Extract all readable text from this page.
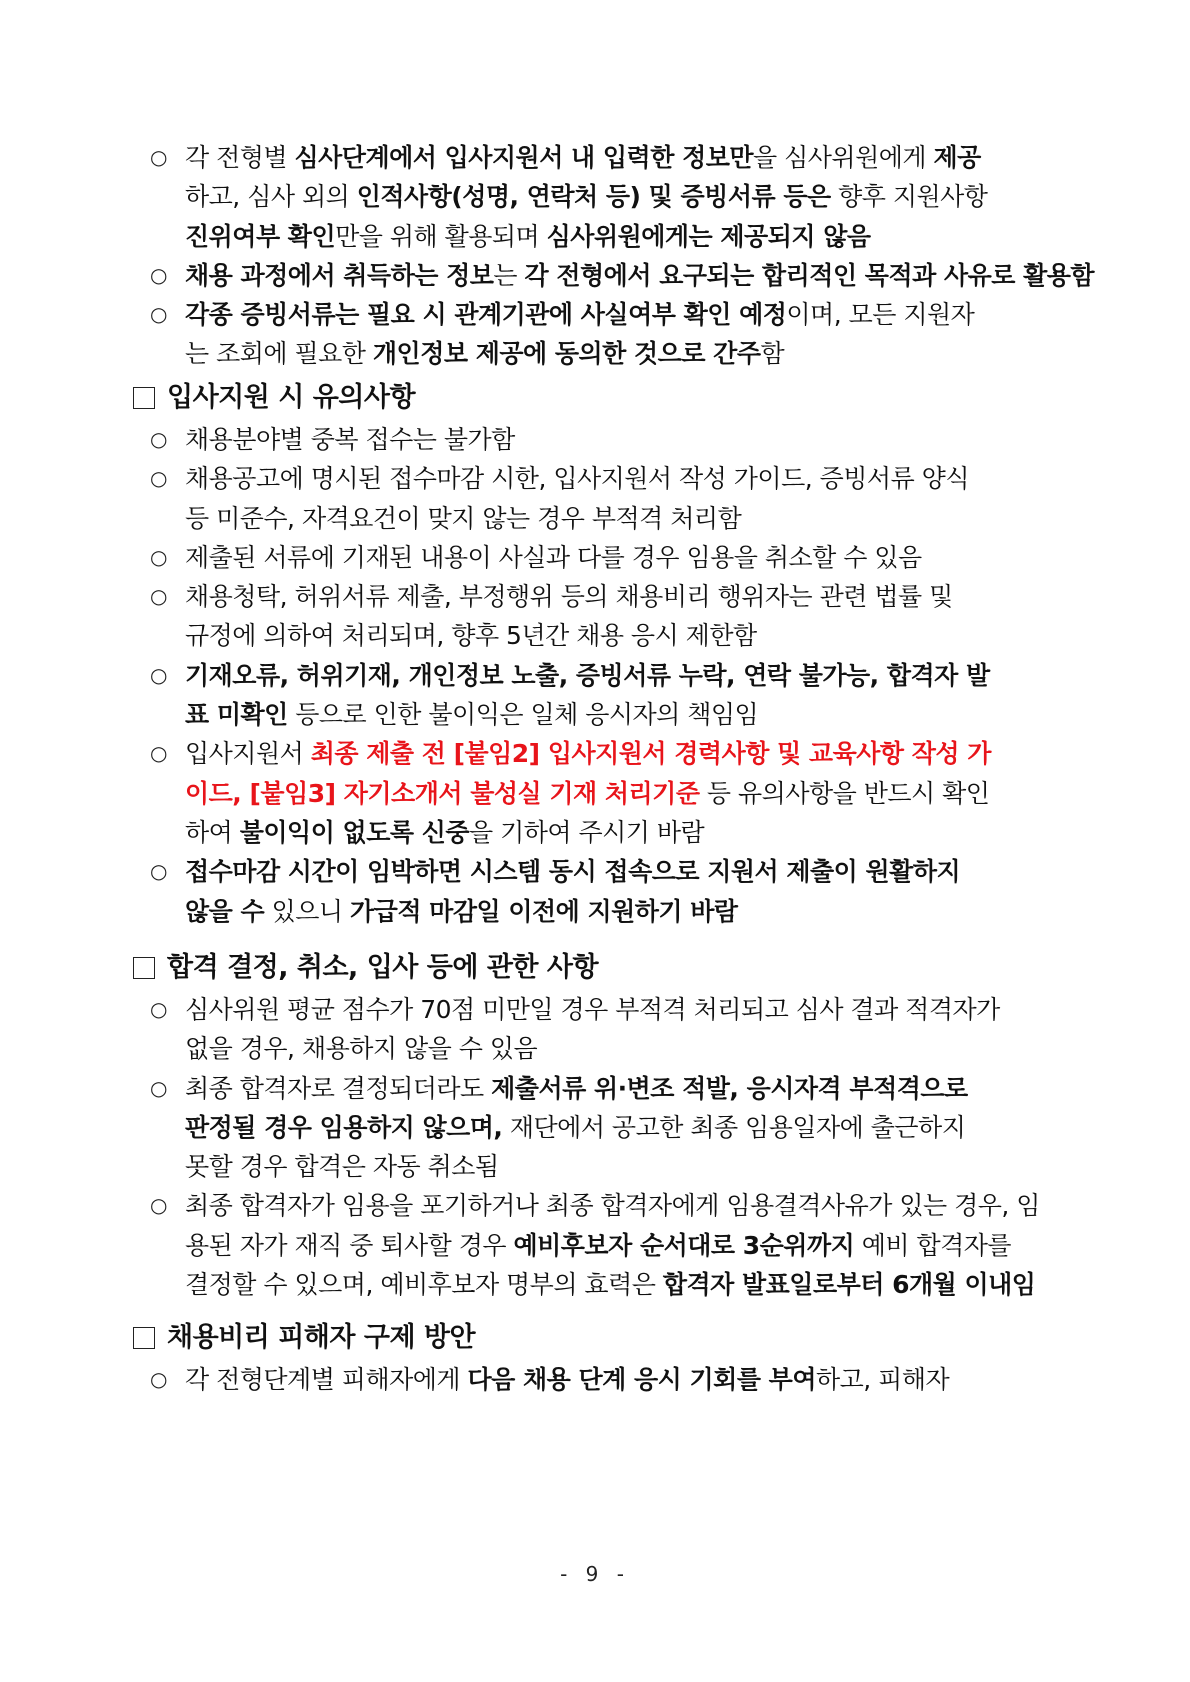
○ 각 전형별 심사단계에서 입사지원서 내 입력한 정보만을 심사위원에게 제공
하고, 심사 외의 인적사항(성명, 연락처 등) 및 증빙서류 등은 향후 지원사항
진위여부 확인만을 위해 활용되며 심사위원에게는 제공되지 않음
○ 채용 과정에서 취득하는 정보는 각 전형에서 요구되는 합리적인 목적과 사유로 활용함
○ 각종 증빙서류는 필요 시 관계기관에 사실여부 확인 예정이며, 모든 지원자
는 조회에 필요한 개인정보 제공에 동의한 것으로 간주함
입사지원 시 유의사항
○ 채용분야별 중복 접수는 불가함
○ 채용공고에 명시된 접수마감 시한, 입사지원서 작성 가이드, 증빙서류 양식
등 미준수, 자격요건이 맞지 않는 경우 부적격 처리함
○ 제출된 서류에 기재된 내용이 사실과 다를 경우 임용을 취소할 수 있음
○ 채용청탁, 허위서류 제출, 부정행위 등의 채용비리 행위자는 관련 법률 및
규정에 의하여 처리되며, 향후 5년간 채용 응시 제한함
○ 기재오류, 허위기재, 개인정보 노출, 증빙서류 누락, 연락 불가능, 합격자 발
표 미확인 등으로 인한 불이익은 일체 응시자의 책임임
○ 입사지원서 최종 제출 전 [붙임2] 입사지원서 경력사항 및 교육사항 작성 가
이드, [붙임3] 자기소개서 불성실 기재 처리기준 등 유의사항을 반드시 확인
하여 불이익이 없도록 신중을 기하여 주시기 바람
○ 접수마감 시간이 임박하면 시스템 동시 접속으로 지원서 제출이 원활하지
않을 수 있으니 가급적 마감일 이전에 지원하기 바람
합격 결정, 취소, 입사 등에 관한 사항
○ 심사위원 평균 점수가 70점 미만일 경우 부적격 처리되고 심사 결과 적격자가
없을 경우, 채용하지 않을 수 있음
○ 최종 합격자로 결정되더라도 제출서류 위·변조 적발, 응시자격 부적격으로
판정될 경우 임용하지 않으며, 재단에서 공고한 최종 임용일자에 출근하지
못할 경우 합격은 자동 취소됨
○ 최종 합격자가 임용을 포기하거나 최종 합격자에게 임용결격사유가 있는 경우, 임
용된 자가 재직 중 퇴사할 경우 예비후보자 순서대로 3순위까지 예비 합격자를
결정할 수 있으며, 예비후보자 명부의 효력은 합격자 발표일로부터 6개월 이내임
채용비리 피해자 구제 방안
○ 각 전형단계별 피해자에게 다음 채용 단계 응시 기회를 부여하고, 피해자
- 9 -
